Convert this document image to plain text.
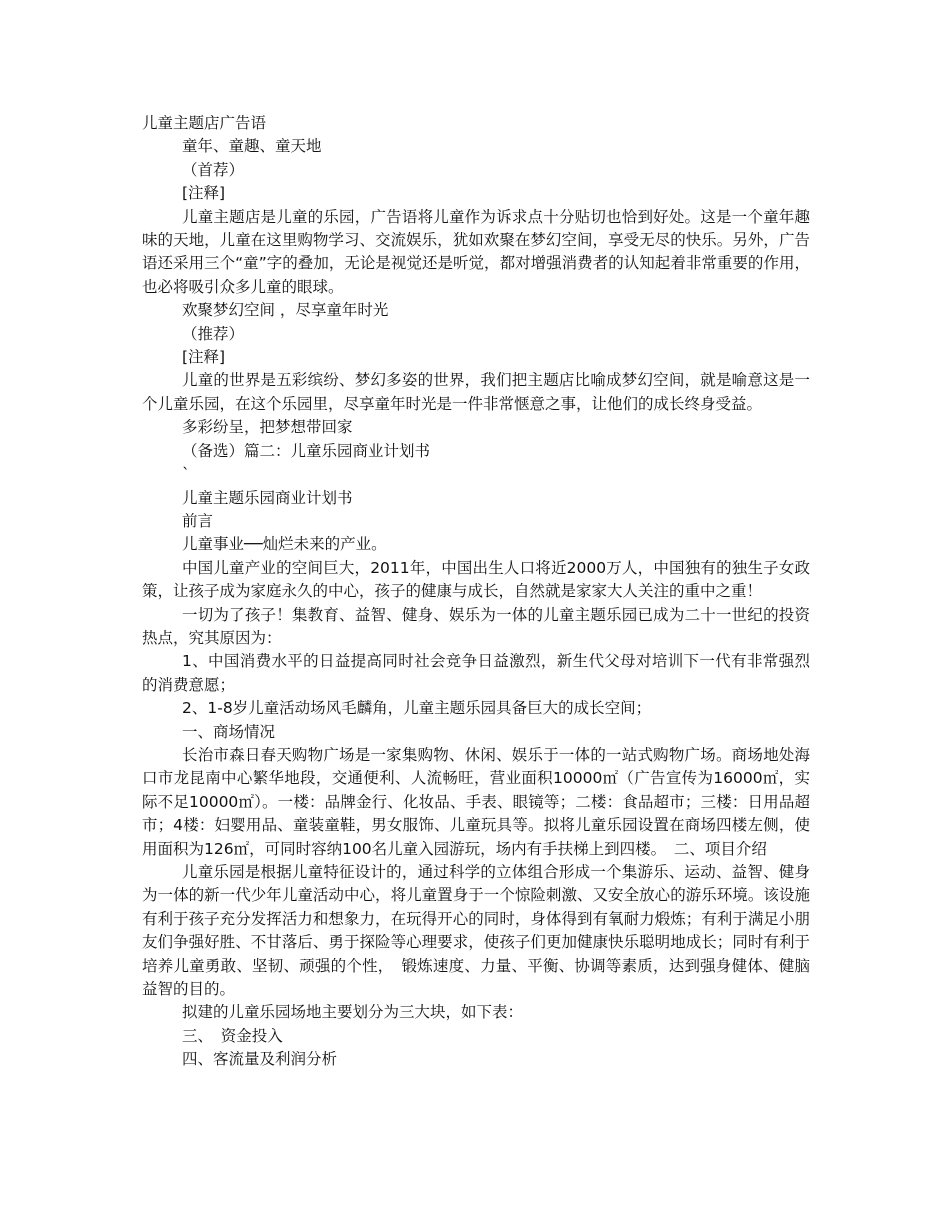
儿童主题店广告语
童年、童趣、童天地
（首荐）
[注释]
儿童主题店是儿童的乐园，广告语将儿童作为诉求点十分贴切也恰到好处。这是一个童年趣味的天地，儿童在这里购物学习、交流娱乐，犹如欢聚在梦幻空间，享受无尽的快乐。另外，广告语还采用三个“童”字的叠加，无论是视觉还是听觉，都对增强消费者的认知起着非常重要的作用，也必将吸引众多儿童的眼球。
欢聚梦幻空间 ，尽享童年时光
（推荐）
[注释]
儿童的世界是五彩缤纷、梦幻多姿的世界，我们把主题店比喻成梦幻空间，就是喻意这是一个儿童乐园，在这个乐园里，尽享童年时光是一件非常惬意之事，让他们的成长终身受益。
多彩纷呈，把梦想带回家
（备选）篇二：儿童乐园商业计划书
`
儿童主题乐园商业计划书
前言
儿童事业──灿烂未来的产业。
中国儿童产业的空间巨大，2011年，中国出生人口将近2000万人，中国独有的独生子女政策，让孩子成为家庭永久的中心，孩子的健康与成长，自然就是家家大人关注的重中之重！
一切为了孩子！集教育、益智、健身、娱乐为一体的儿童主题乐园已成为二十一世纪的投资热点，究其原因为：
1、中国消费水平的日益提高同时社会竞争日益激烈，新生代父母对培训下一代有非常强烈的消费意愿；
2、1-8岁儿童活动场风毛麟角，儿童主题乐园具备巨大的成长空间；
一、商场情况
长治市森日春天购物广场是一家集购物、休闲、娱乐于一体的一站式购物广场。商场地处海口市龙昆南中心繁华地段，交通便利、人流畅旺，营业面积10000㎡（广告宣传为16000㎡，实际不足10000㎡）。一楼：品牌金行、化妆品、手表、眼镜等；二楼：食品超市；三楼：日用品超市；4楼：妇婴用品、童装童鞋，男女服饰、儿童玩具等。拟将儿童乐园设置在商场四楼左侧，使用面积为126㎡，可同时容纳100名儿童入园游玩，场内有手扶梯上到四楼。　二、项目介绍
儿童乐园是根据儿童特征设计的，通过科学的立体组合形成一个集游乐、运动、益智、健身为一体的新一代少年儿童活动中心，将儿童置身于一个惊险刺激、又安全放心的游乐环境。该设施有利于孩子充分发挥活力和想象力，在玩得开心的同时，身体得到有氧耐力煅炼；有利于满足小朋友们争强好胜、不甘落后、勇于探险等心理要求，使孩子们更加健康快乐聪明地成长；同时有利于培养儿童勇敢、坚韧、顽强的个性，　锻炼速度、力量、平衡、协调等素质，达到强身健体、健脑益智的目的。
拟建的儿童乐园场地主要划分为三大块，如下表：
三、　资金投入
四、客流量及利润分析
